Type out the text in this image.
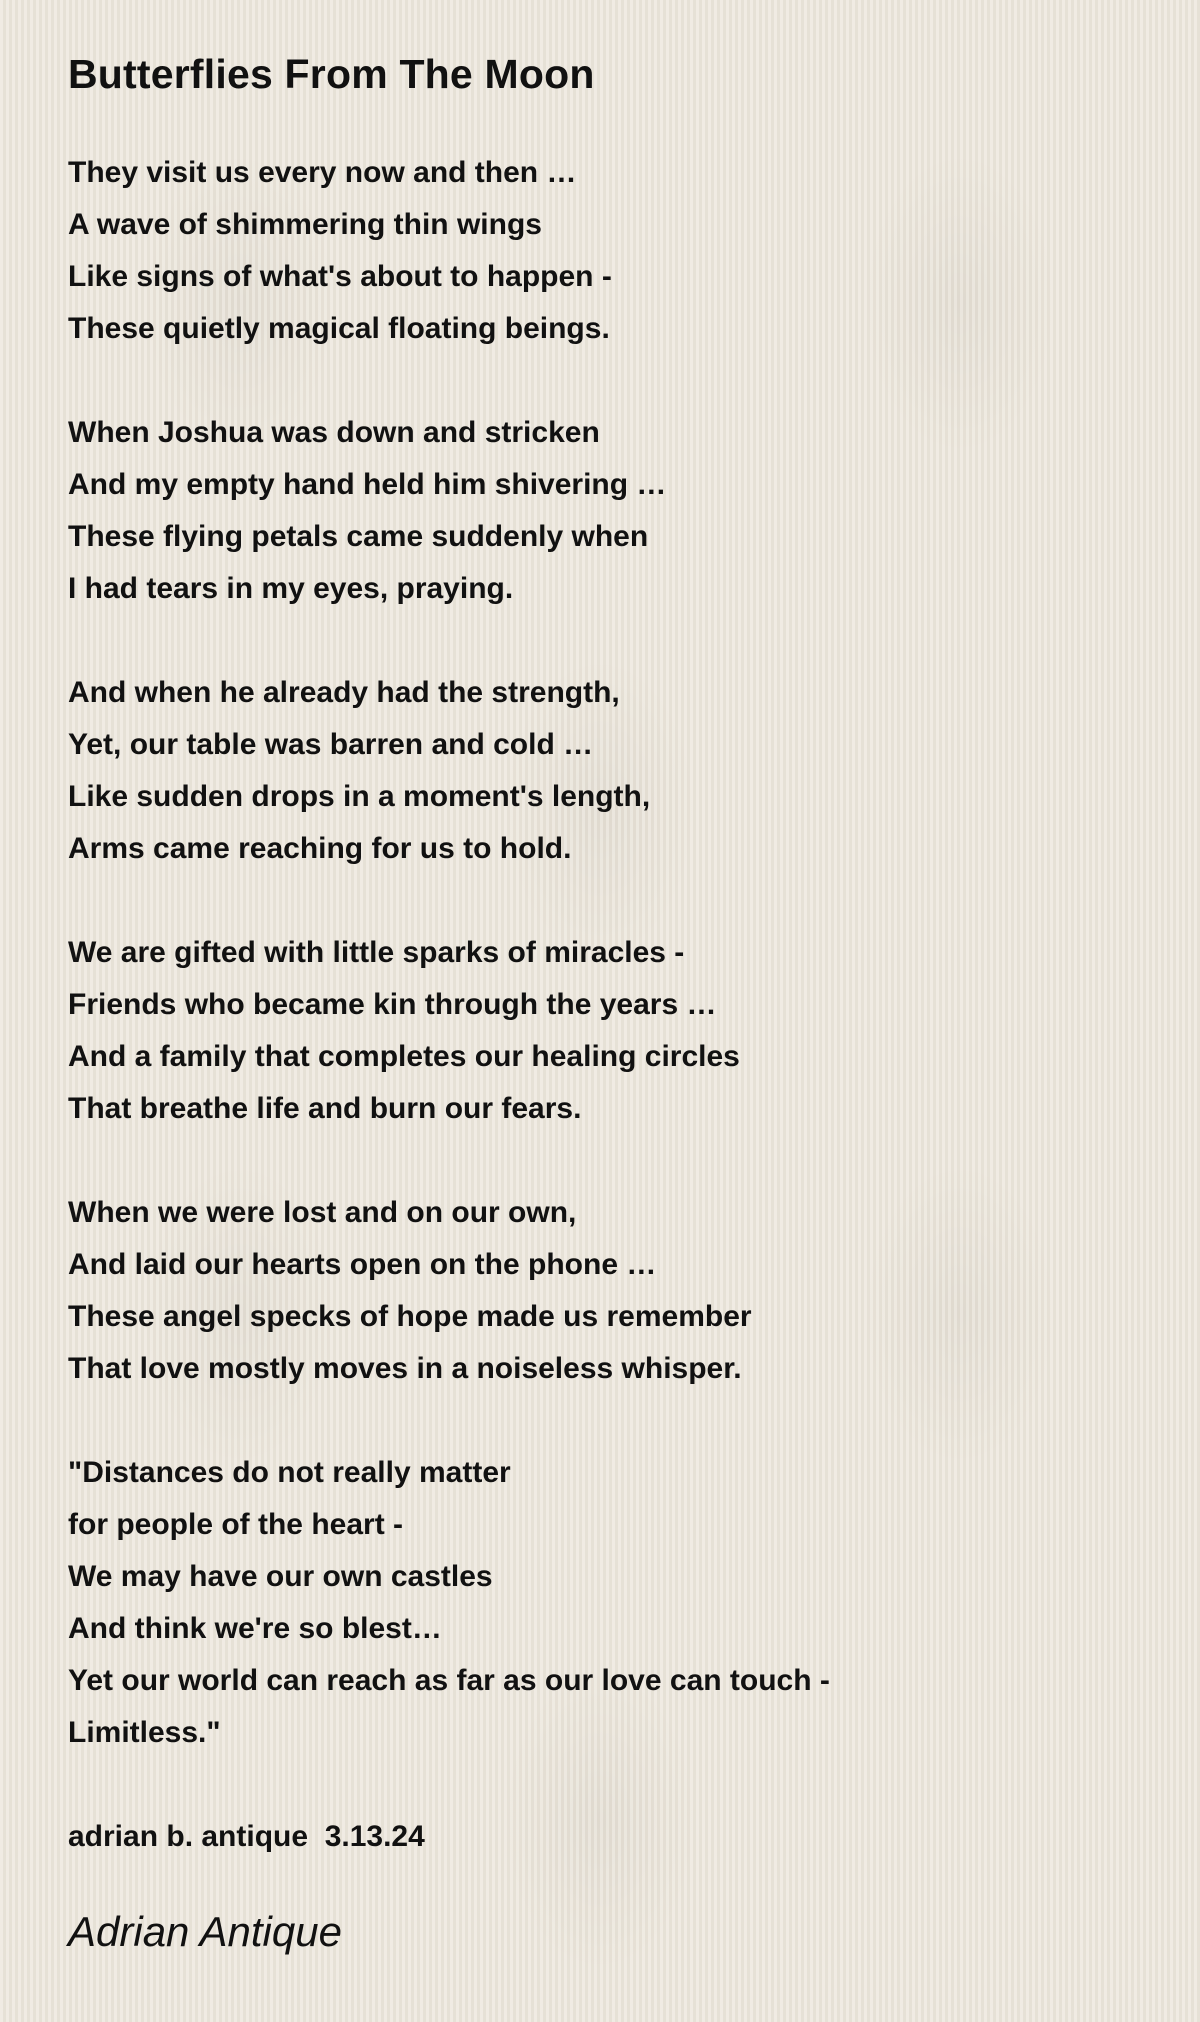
Butterflies From The Moon
They visit us every now and then …
A wave of shimmering thin wings
Like signs of what's about to happen -
These quietly magical floating beings.
When Joshua was down and stricken
And my empty hand held him shivering …
These flying petals came suddenly when
I had tears in my eyes, praying.
And when he already had the strength,
Yet, our table was barren and cold …
Like sudden drops in a moment's length,
Arms came reaching for us to hold.
We are gifted with little sparks of miracles -
Friends who became kin through the years …
And a family that completes our healing circles
That breathe life and burn our fears.
When we were lost and on our own,
And laid our hearts open on the phone …
These angel specks of hope made us remember
That love mostly moves in a noiseless whisper.
"Distances do not really matter
for people of the heart -
We may have our own castles
And think we're so blest…
Yet our world can reach as far as our love can touch -
Limitless."
adrian b. antique  3.13.24
Adrian Antique
